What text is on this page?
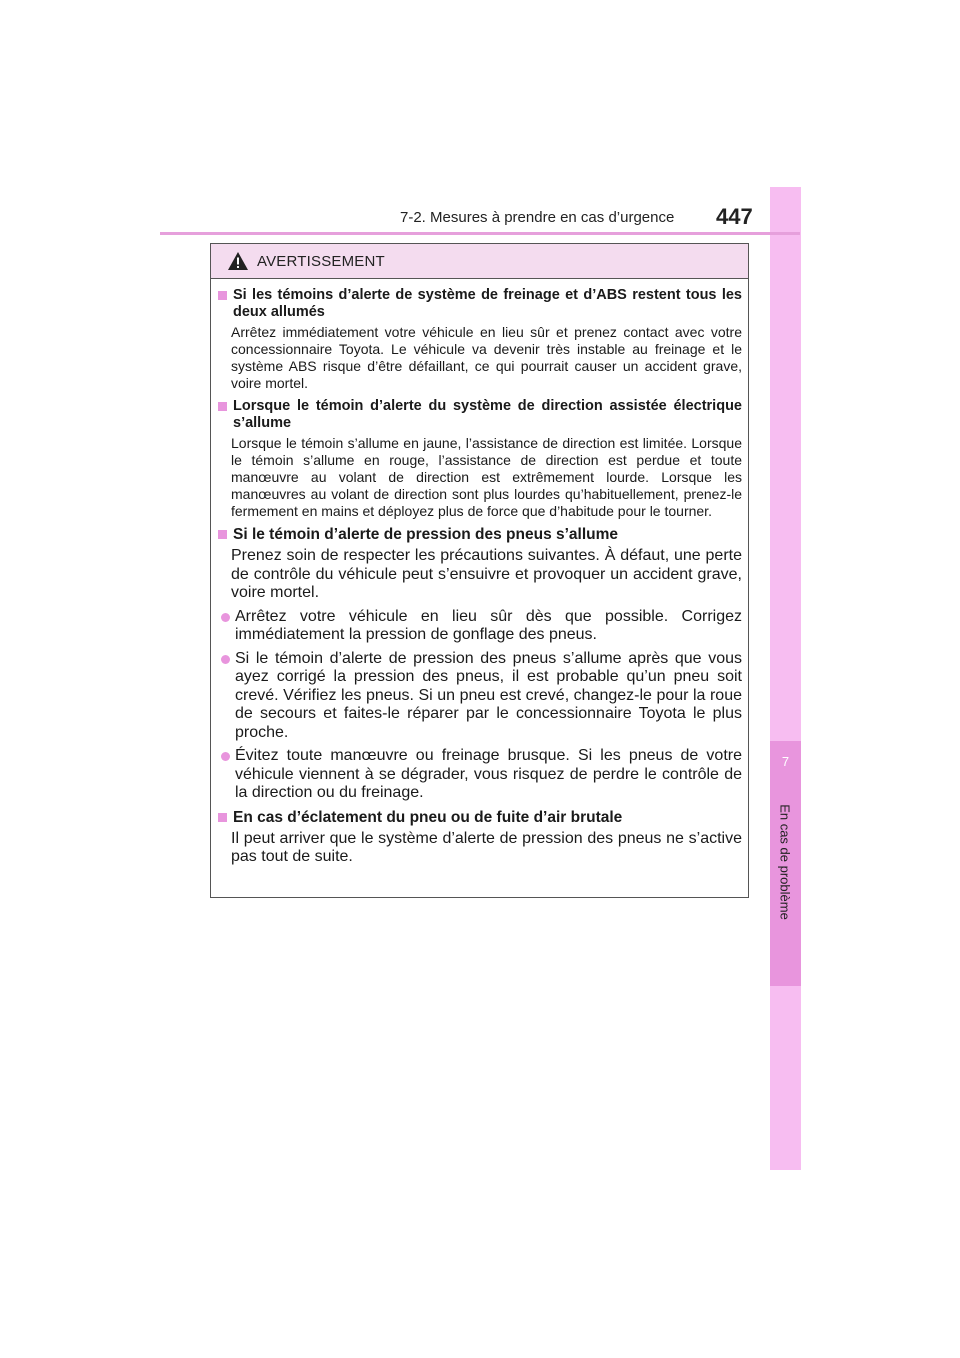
7
En cas de problème
7-2. Mesures à prendre en cas d’urgence 447
AVERTISSEMENT
Si les témoins d’alerte de système de freinage et d’ABS restent tous les deux allumés
Arrêtez immédiatement votre véhicule en lieu sûr et prenez contact avec votre concessionnaire Toyota. Le véhicule va devenir très instable au freinage et le système ABS risque d’être défaillant, ce qui pourrait causer un accident grave, voire mortel.
Lorsque le témoin d’alerte du système de direction assistée électrique s’allume
Lorsque le témoin s’allume en jaune, l’assistance de direction est limitée. Lorsque le témoin s’allume en rouge, l’assistance de direction est perdue et toute manœuvre au volant de direction est extrêmement lourde. Lorsque les manœuvres au volant de direction sont plus lourdes qu’habituellement, prenez-le fermement en mains et déployez plus de force que d’habitude pour le tourner.
Si le témoin d’alerte de pression des pneus s’allume
Prenez soin de respecter les précautions suivantes. À défaut, une perte de contrôle du véhicule peut s’ensuivre et provoquer un accident grave, voire mortel.
Arrêtez votre véhicule en lieu sûr dès que possible. Corrigez immédiatement la pression de gonflage des pneus.
Si le témoin d’alerte de pression des pneus s’allume après que vous ayez corrigé la pression des pneus, il est probable qu’un pneu soit crevé. Vérifiez les pneus. Si un pneu est crevé, changez-le pour la roue de secours et faites-le réparer par le concessionnaire Toyota le plus proche.
Évitez toute manœuvre ou freinage brusque. Si les pneus de votre véhicule viennent à se dégrader, vous risquez de perdre le contrôle de la direction ou du freinage.
En cas d’éclatement du pneu ou de fuite d’air brutale
Il peut arriver que le système d’alerte de pression des pneus ne s’active pas tout de suite.
